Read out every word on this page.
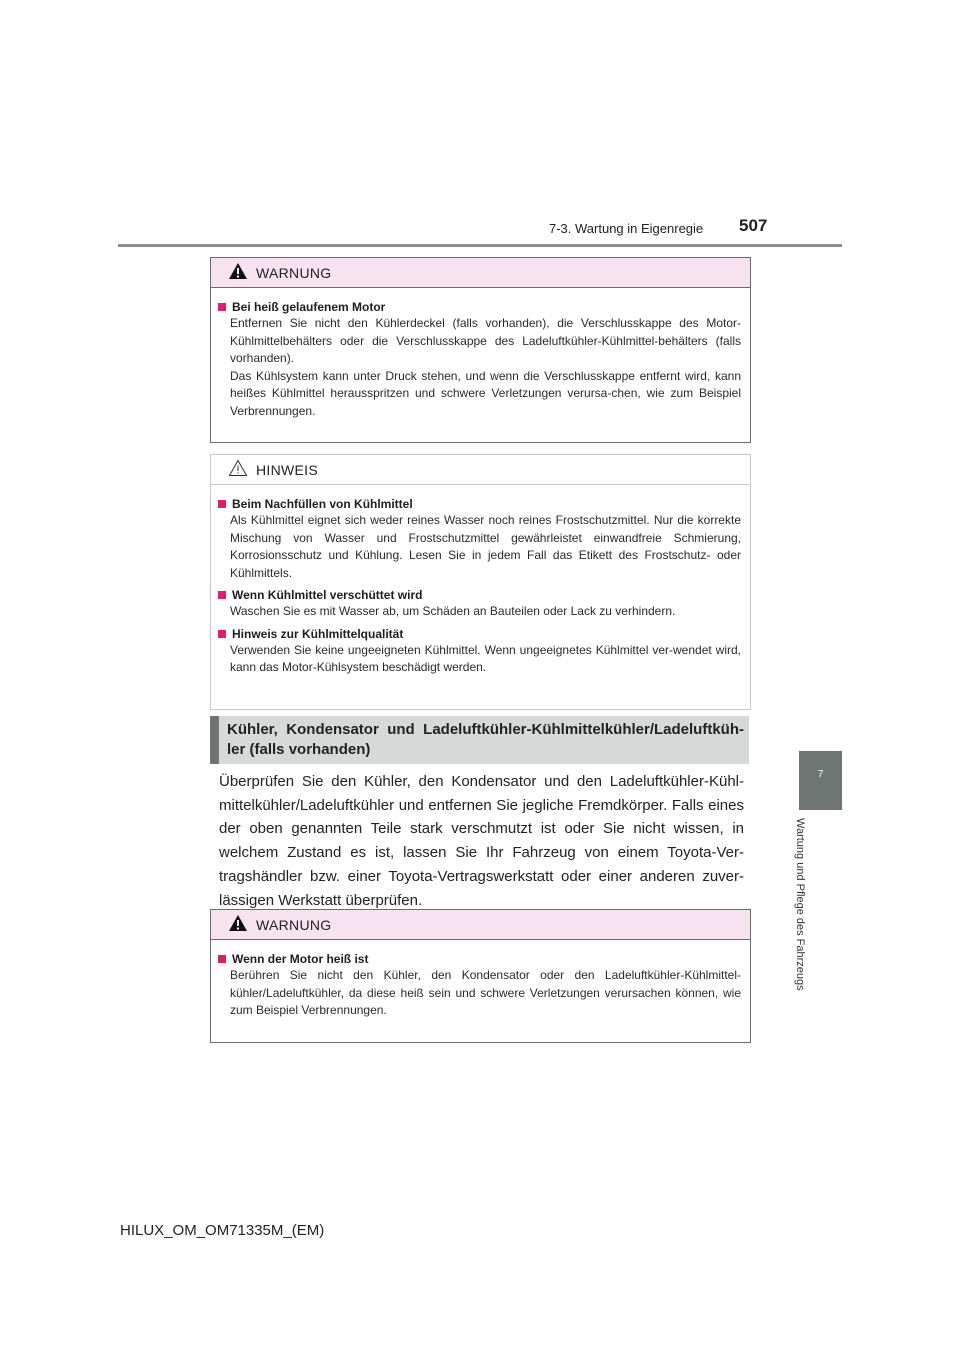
7-3. Wartung in Eigenregie 507
7
Wartung und Pflege des Fahrzeugs
WARNUNG
Bei heiß gelaufenem Motor
Entfernen Sie nicht den Kühlerdeckel (falls vorhanden), die Verschlusskappe des Motor-Kühlmittelbehälters oder die Verschlusskappe des Ladeluftkühler-Kühlmittel-behälters (falls vorhanden).
Das Kühlsystem kann unter Druck stehen, und wenn die Verschlusskappe entfernt wird, kann heißes Kühlmittel herausspritzen und schwere Verletzungen verursa-chen, wie zum Beispiel Verbrennungen.
HINWEIS
Beim Nachfüllen von Kühlmittel
Als Kühlmittel eignet sich weder reines Wasser noch reines Frostschutzmittel. Nur die korrekte Mischung von Wasser und Frostschutzmittel gewährleistet einwandfreie Schmierung, Korrosionsschutz und Kühlung. Lesen Sie in jedem Fall das Etikett des Frostschutz- oder Kühlmittels.
Wenn Kühlmittel verschüttet wird
Waschen Sie es mit Wasser ab, um Schäden an Bauteilen oder Lack zu verhindern.
Hinweis zur Kühlmittelqualität
Verwenden Sie keine ungeeigneten Kühlmittel. Wenn ungeeignetes Kühlmittel ver-wendet wird, kann das Motor-Kühlsystem beschädigt werden.
Kühler, Kondensator und Ladeluftkühler-Kühlmittelkühler/Ladeluftküh-ler (falls vorhanden)
Überprüfen Sie den Kühler, den Kondensator und den Ladeluftkühler-Kühl-mittelkühler/Ladeluftkühler und entfernen Sie jegliche Fremdkörper. Falls eines der oben genannten Teile stark verschmutzt ist oder Sie nicht wissen, in welchem Zustand es ist, lassen Sie Ihr Fahrzeug von einem Toyota-Ver-tragshändler bzw. einer Toyota-Vertragswerkstatt oder einer anderen zuver-lässigen Werkstatt überprüfen.
WARNUNG
Wenn der Motor heiß ist
Berühren Sie nicht den Kühler, den Kondensator oder den Ladeluftkühler-Kühlmittel-kühler/Ladeluftkühler, da diese heiß sein und schwere Verletzungen verursachen können, wie zum Beispiel Verbrennungen.
HILUX_OM_OM71335M_(EM)
